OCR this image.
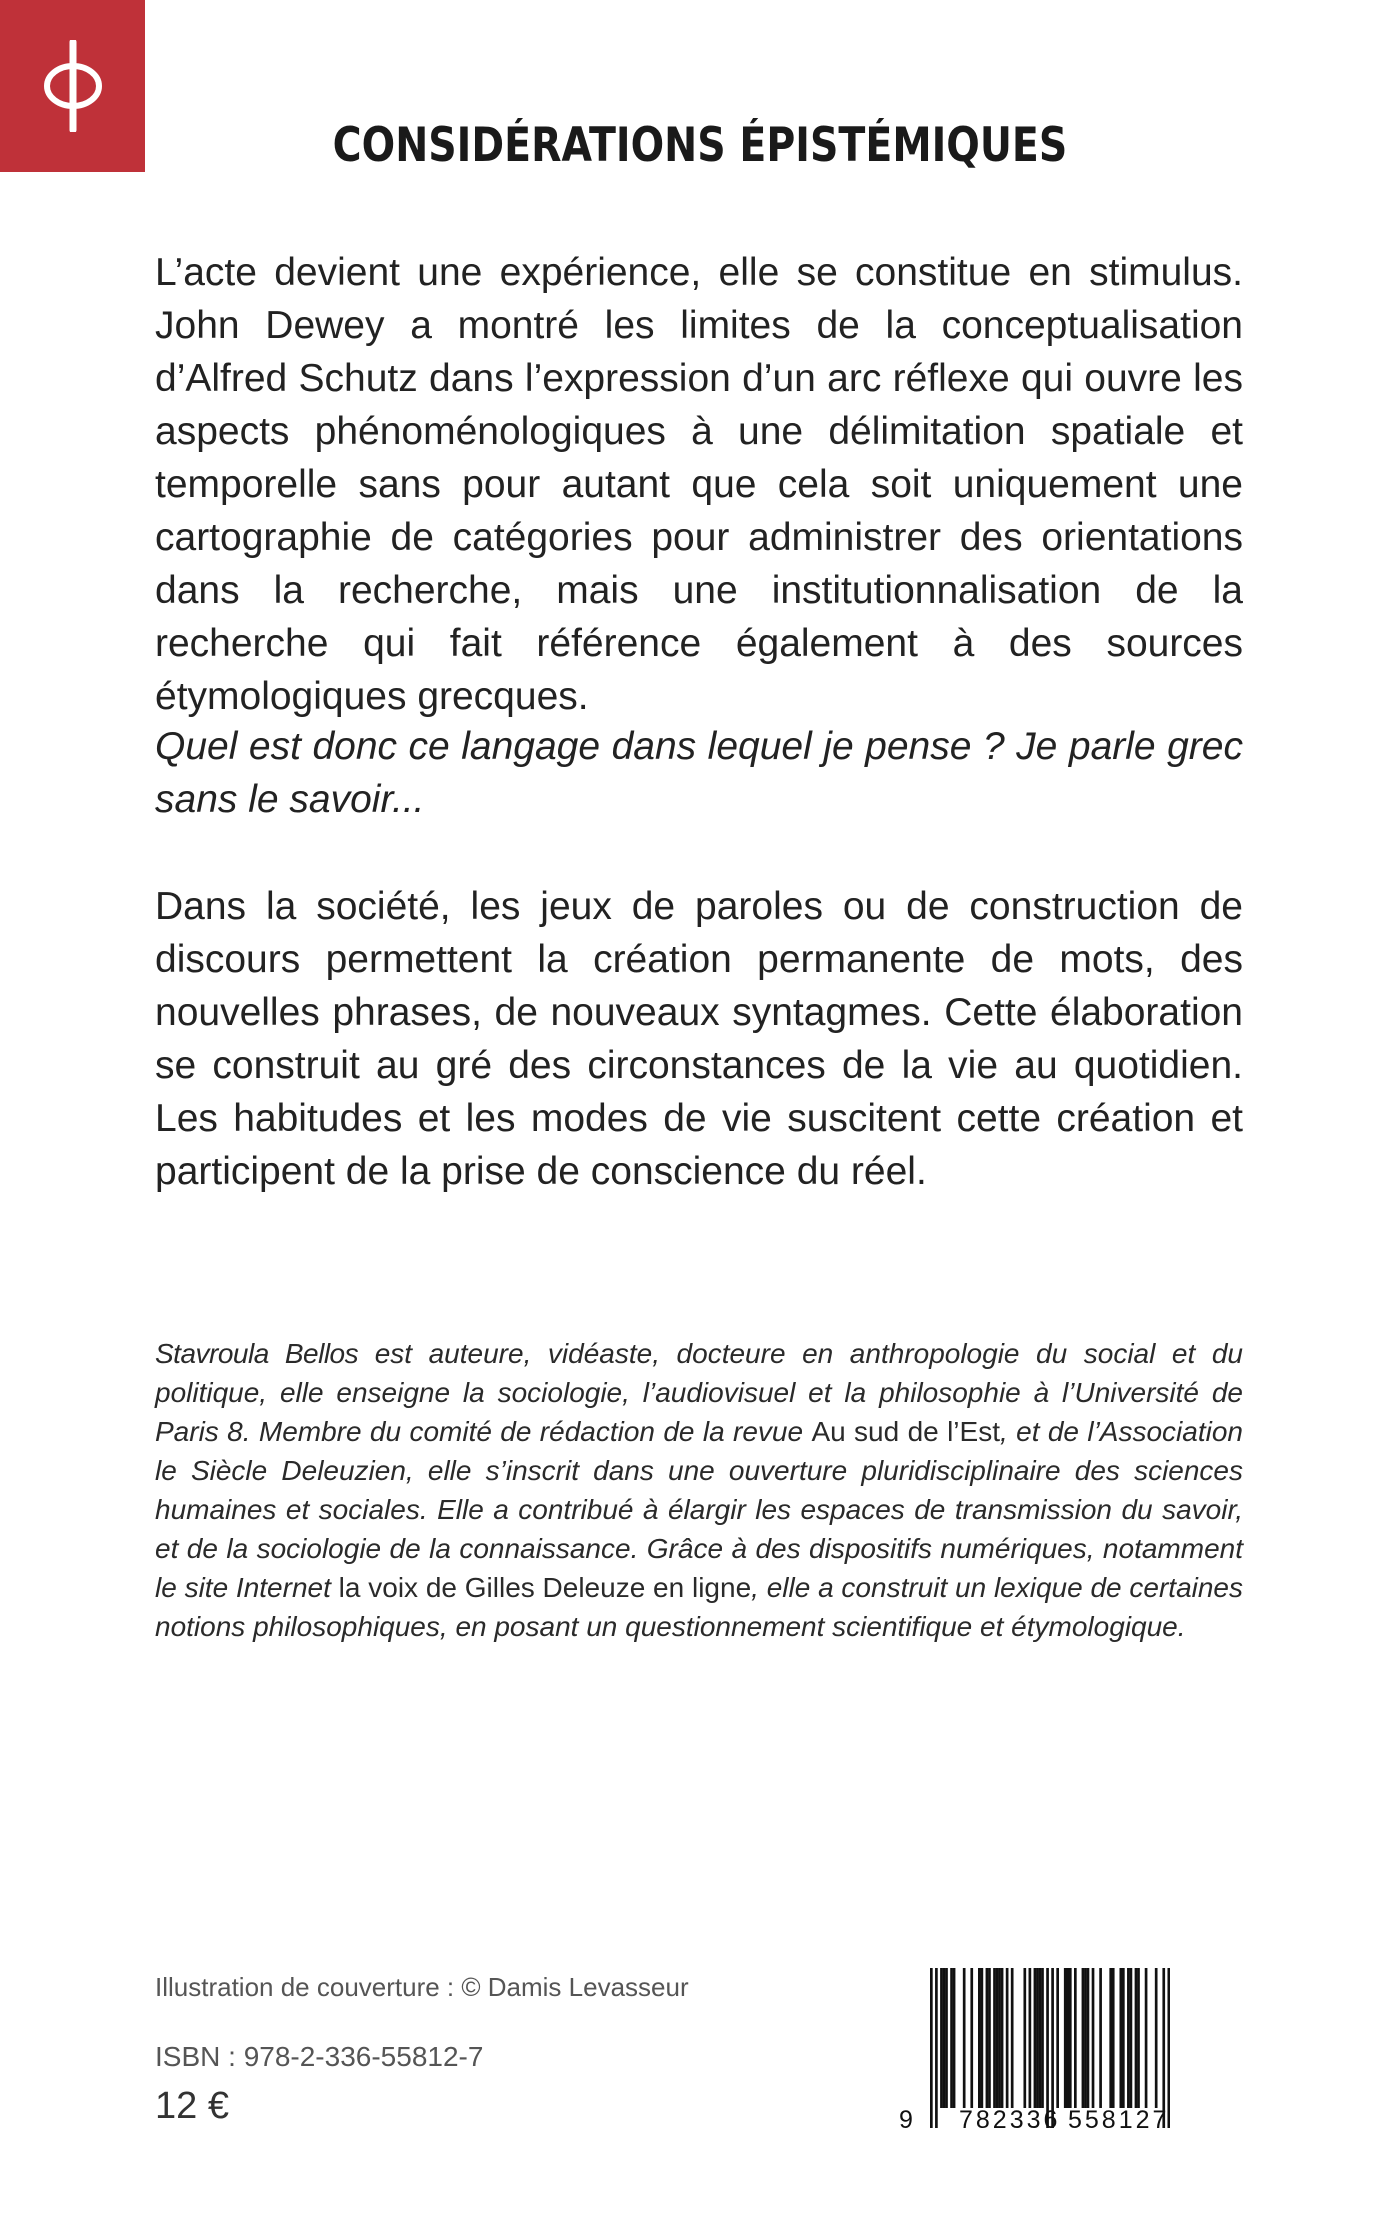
CONSIDÉRATIONS ÉPISTÉMIQUES
L’acte devient une expérience, elle se constitue en stimulus. John Dewey a montré les limites de la conceptualisation d’Alfred Schutz dans l’expression d’un arc réflexe qui ouvre les aspects phénoménologiques à une délimitation spatiale et temporelle sans pour autant que cela soit uniquement une cartographie de catégories pour administrer des orientations dans la recherche, mais une institutionnalisation de la recherche qui fait référence également à des sources étymologiques grecques.
Quel est donc ce langage dans lequel je pense ? Je parle grec sans le savoir...
Dans la société, les jeux de paroles ou de construction de discours permettent la création permanente de mots, des nouvelles phrases, de nouveaux syntagmes. Cette élaboration se construit au gré des circonstances de la vie au quotidien. Les habitudes et les modes de vie suscitent cette création et participent de la prise de conscience du réel.
Stavroula Bellos est auteure, vidéaste, docteure en anthropologie du social et du politique, elle enseigne la sociologie, l’audiovisuel et la philosophie à l’Université de Paris 8. Membre du comité de rédaction de la revue Au sud de l’Est, et de l’Association le Siècle Deleuzien, elle s’inscrit dans une ouverture pluridisciplinaire des sciences humaines et sociales. Elle a contribué à élargir les espaces de transmission du savoir, et de la sociologie de la connaissance. Grâce à des dispositifs numériques, notamment le site Internet la voix de Gilles Deleuze en ligne, elle a construit un lexique de certaines notions philosophiques, en posant un questionnement scientifique et étymologique.
Illustration de couverture : © Damis Levasseur
ISBN : 978-2-336-55812-7
12 €	9 782336 558127
